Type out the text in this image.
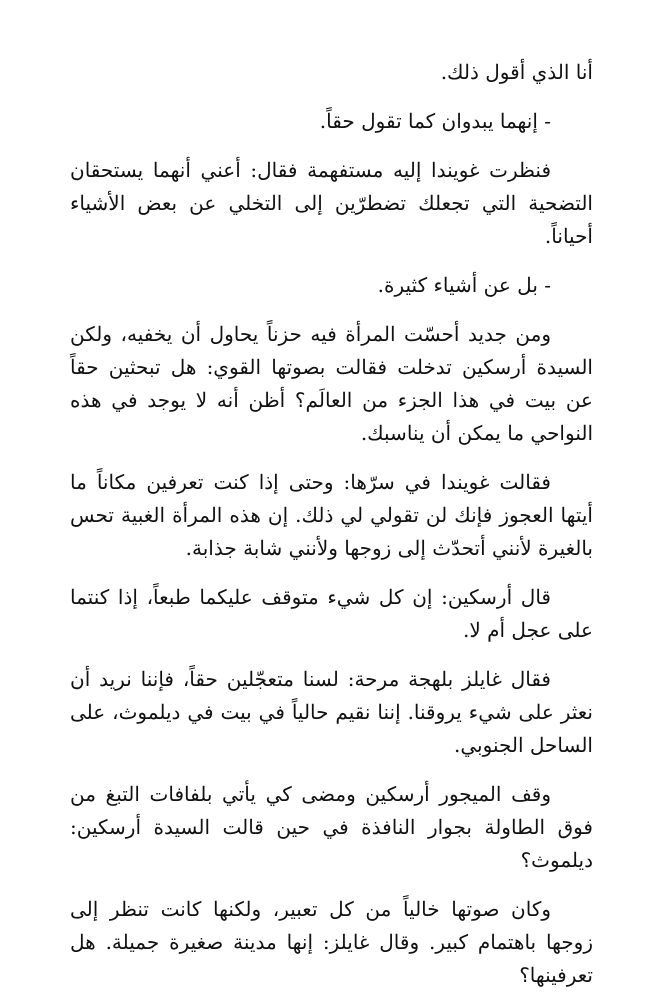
أنا الذي أقول ذلك.

- إنهما يبدوان كما تقول حقاً.

فنظرت غويندا إليه مستفهمة فقال: أعني أنهما يستحقان التضحية التي تجعلك تضطرّين إلى التخلي عن بعض الأشياء أحياناً.

- بل عن أشياء كثيرة.

ومن جديد أحسّت المرأة فيه حزناً يحاول أن يخفيه، ولكن السيدة أرسكين تدخلت فقالت بصوتها القوي: هل تبحثين حقاً عن بيت في هذا الجزء من العالَم؟ أظن أنه لا يوجد في هذه النواحي ما يمكن أن يناسبك.

فقالت غويندا في سرّها: وحتى إذا كنت تعرفين مكاناً ما أيتها العجوز فإنك لن تقولي لي ذلك. إن هذه المرأة الغبية تحس بالغيرة لأنني أتحدّث إلى زوجها ولأنني شابة جذابة.

قال أرسكين: إن كل شيء متوقف عليكما طبعاً، إذا كنتما على عجل أم لا.

فقال غايلز بلهجة مرحة: لسنا متعجّلين حقاً، فإننا نريد أن نعثر على شيء يروقنا. إننا نقيم حالياً في بيت في ديلموث، على الساحل الجنوبي.

وقف الميجور أرسكين ومضى كي يأتي بلفافات التبغ من فوق الطاولة بجوار النافذة في حين قالت السيدة أرسكين: ديلموث؟

وكان صوتها خالياً من كل تعبير، ولكنها كانت تنظر إلى زوجها باهتمام كبير. وقال غايلز: إنها مدينة صغيرة جميلة. هل تعرفينها؟
